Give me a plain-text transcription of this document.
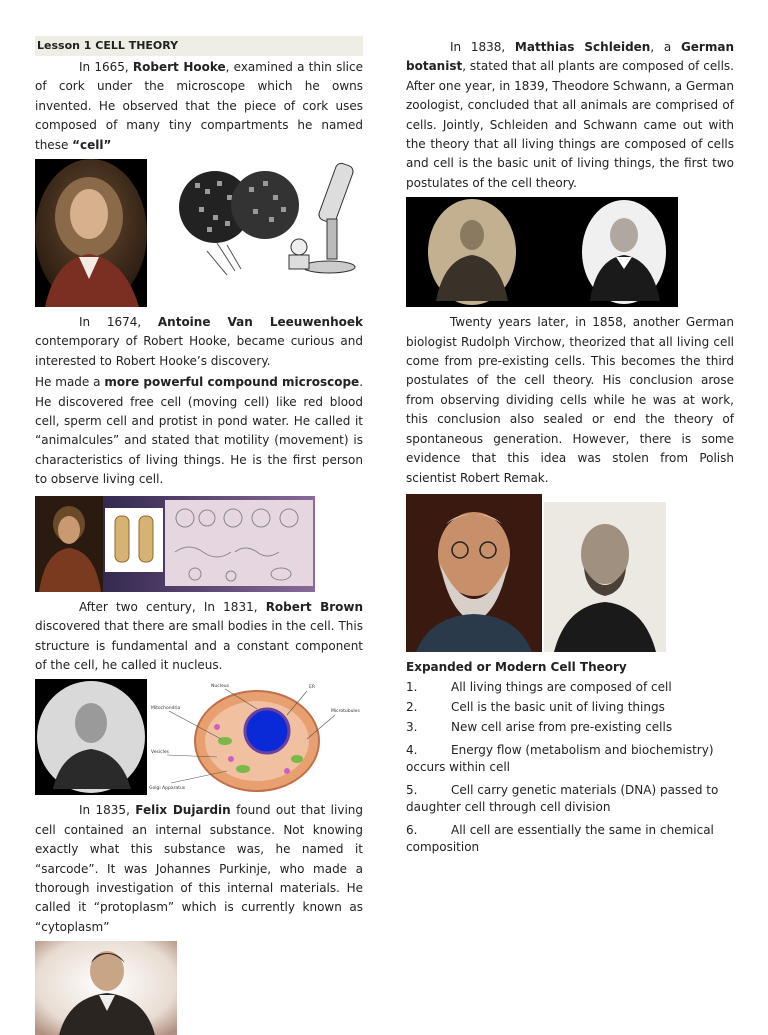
Lesson 1 CELL THEORY

In 1665, Robert Hooke, examined a thin slice of cork under the microscope which he owns invented. He observed that the piece of cork uses composed of many tiny compartments he named these “cell”

In 1674, Antoine Van Leeuwenhoek contemporary of Robert Hooke, became curious and interested to Robert Hooke’s discovery.

He made a more powerful compound microscope. He discovered free cell (moving cell) like red blood cell, sperm cell and protist in pond water. He called it “animalcules” and stated that motility (movement) is characteristics of living things. He is the first person to observe living cell.

After two century, In 1831, Robert Brown discovered that there are small bodies in the cell. This structure is fundamental and a constant component of the cell, he called it nucleus.

Nucleus	ER
Mitochondria
Microtubules
Vesicles
Golgi Apparatus

In 1835, Felix Dujardin found out that living cell contained an internal substance. Not knowing exactly what this substance was, he named it “sarcode”. It was Johannes Purkinje, who made a thorough investigation of this internal materials. He called it “protoplasm” which is currently known as “cytoplasm”

In 1838, Matthias Schleiden, a German botanist, stated that all plants are composed of cells. After one year, in 1839, Theodore Schwann, a German zoologist, concluded that all animals are comprised of cells. Jointly, Schleiden and Schwann came out with the theory that all living things are composed of cells and cell is the basic unit of living things, the first two postulates of the cell theory.

Twenty years later, in 1858, another German biologist Rudolph Virchow, theorized that all living cell come from pre-existing cells. This becomes the third postulates of the cell theory. His conclusion arose from observing dividing cells while he was at work, this conclusion also sealed or end the theory of spontaneous generation. However, there is some evidence that this idea was stolen from Polish scientist Robert Remak.

Expanded or Modern Cell Theory
1.	All living things are composed of cell
2.	Cell is the basic unit of living things
3.	New cell arise from pre-existing cells
4.	Energy flow (metabolism and biochemistry) occurs within cell
5.	Cell carry genetic materials (DNA) passed to daughter cell through cell division
6.	All cell are essentially the same in chemical composition
